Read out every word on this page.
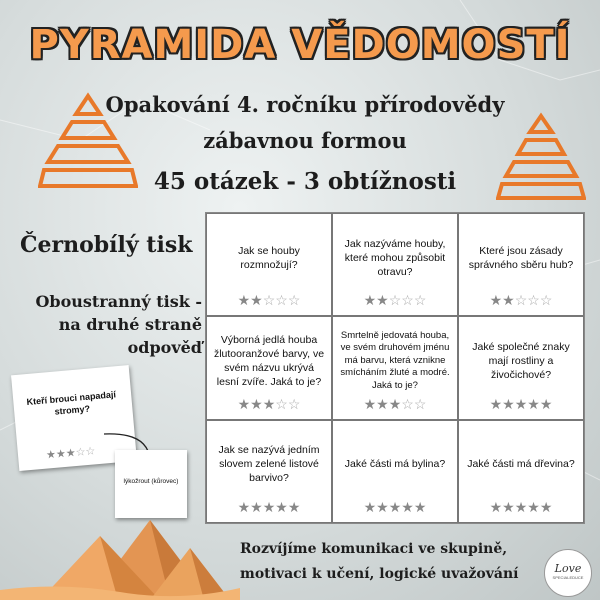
PYRAMIDA VĚDOMOSTÍ
Opakování 4. ročníku přírodovědy
zábavnou formou
45 otázek - 3 obtížnosti
Černobílý tisk
Oboustranný tisk - na druhé straně odpověď
Jak se houby rozmnožují?
★★☆☆☆
Jak nazýváme houby, které mohou způsobit otravu?
★★☆☆☆
Které jsou zásady správného sběru hub?
★★☆☆☆
Výborná jedlá houba žlutooranžové barvy, ve svém názvu ukrývá lesní zvíře. Jaká to je?
★★★☆☆
Smrtelně jedovatá houba, ve svém druhovém jménu má barvu, která vznikne smícháním žluté a modré. Jaká to je?
★★★☆☆
Jaké společné znaky mají rostliny a živočichové?
★★★★★
Jak se nazývá jedním slovem zelené listové barvivo?
★★★★★
Jaké části má bylina?
★★★★★
Jaké části má dřevina?
★★★★★
Kteří brouci napadají stromy?
★★★☆☆
lýkožrout (kůrovec)
Rozvíjíme komunikaci ve skupině,
motivaci k učení, logické uvažování	Love
SPECIALEDUCE
